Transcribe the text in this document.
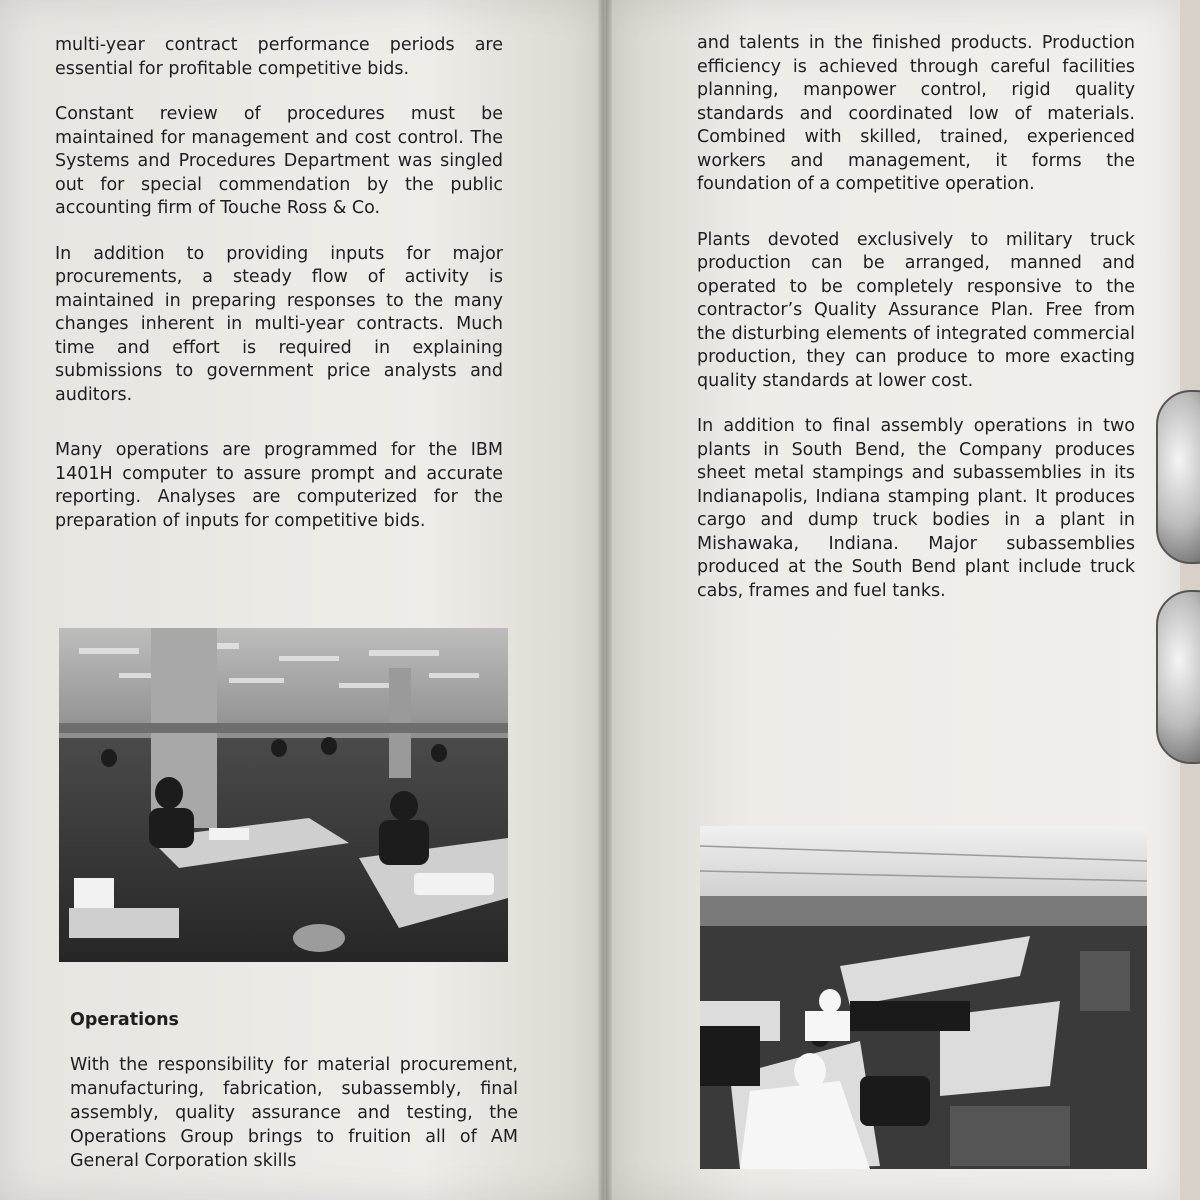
multi-year contract performance periods are essential for profitable competitive bids.

Constant review of procedures must be maintained for management and cost control. The Systems and Procedures Department was singled out for special commendation by the public accounting firm of Touche Ross & Co.

In addition to providing inputs for major procurements, a steady flow of activity is maintained in preparing responses to the many changes inherent in multi-year contracts. Much time and effort is required in explaining submissions to government price analysts and auditors.

Many operations are programmed for the IBM 1401H computer to assure prompt and accurate reporting. Analyses are computerized for the preparation of inputs for competitive bids.

Operations

With the responsibility for material procurement, manufacturing, fabrication, subassembly, final assembly, quality assurance and testing, the Operations Group brings to fruition all of AM General Corporation skills

and talents in the finished products. Production efficiency is achieved through careful facilities planning, manpower control, rigid quality standards and coordinated low of materials. Combined with skilled, trained, experienced workers and management, it forms the foundation of a competitive operation.

Plants devoted exclusively to military truck production can be arranged, manned and operated to be completely responsive to the contractor’s Quality Assurance Plan. Free from the disturbing elements of integrated commercial production, they can produce to more exacting quality standards at lower cost.

In addition to final assembly operations in two plants in South Bend, the Company produces sheet metal stampings and subassemblies in its Indianapolis, Indiana stamping plant. It produces cargo and dump truck bodies in a plant in Mishawaka, Indiana. Major subassemblies produced at the South Bend plant include truck cabs, frames and fuel tanks.
